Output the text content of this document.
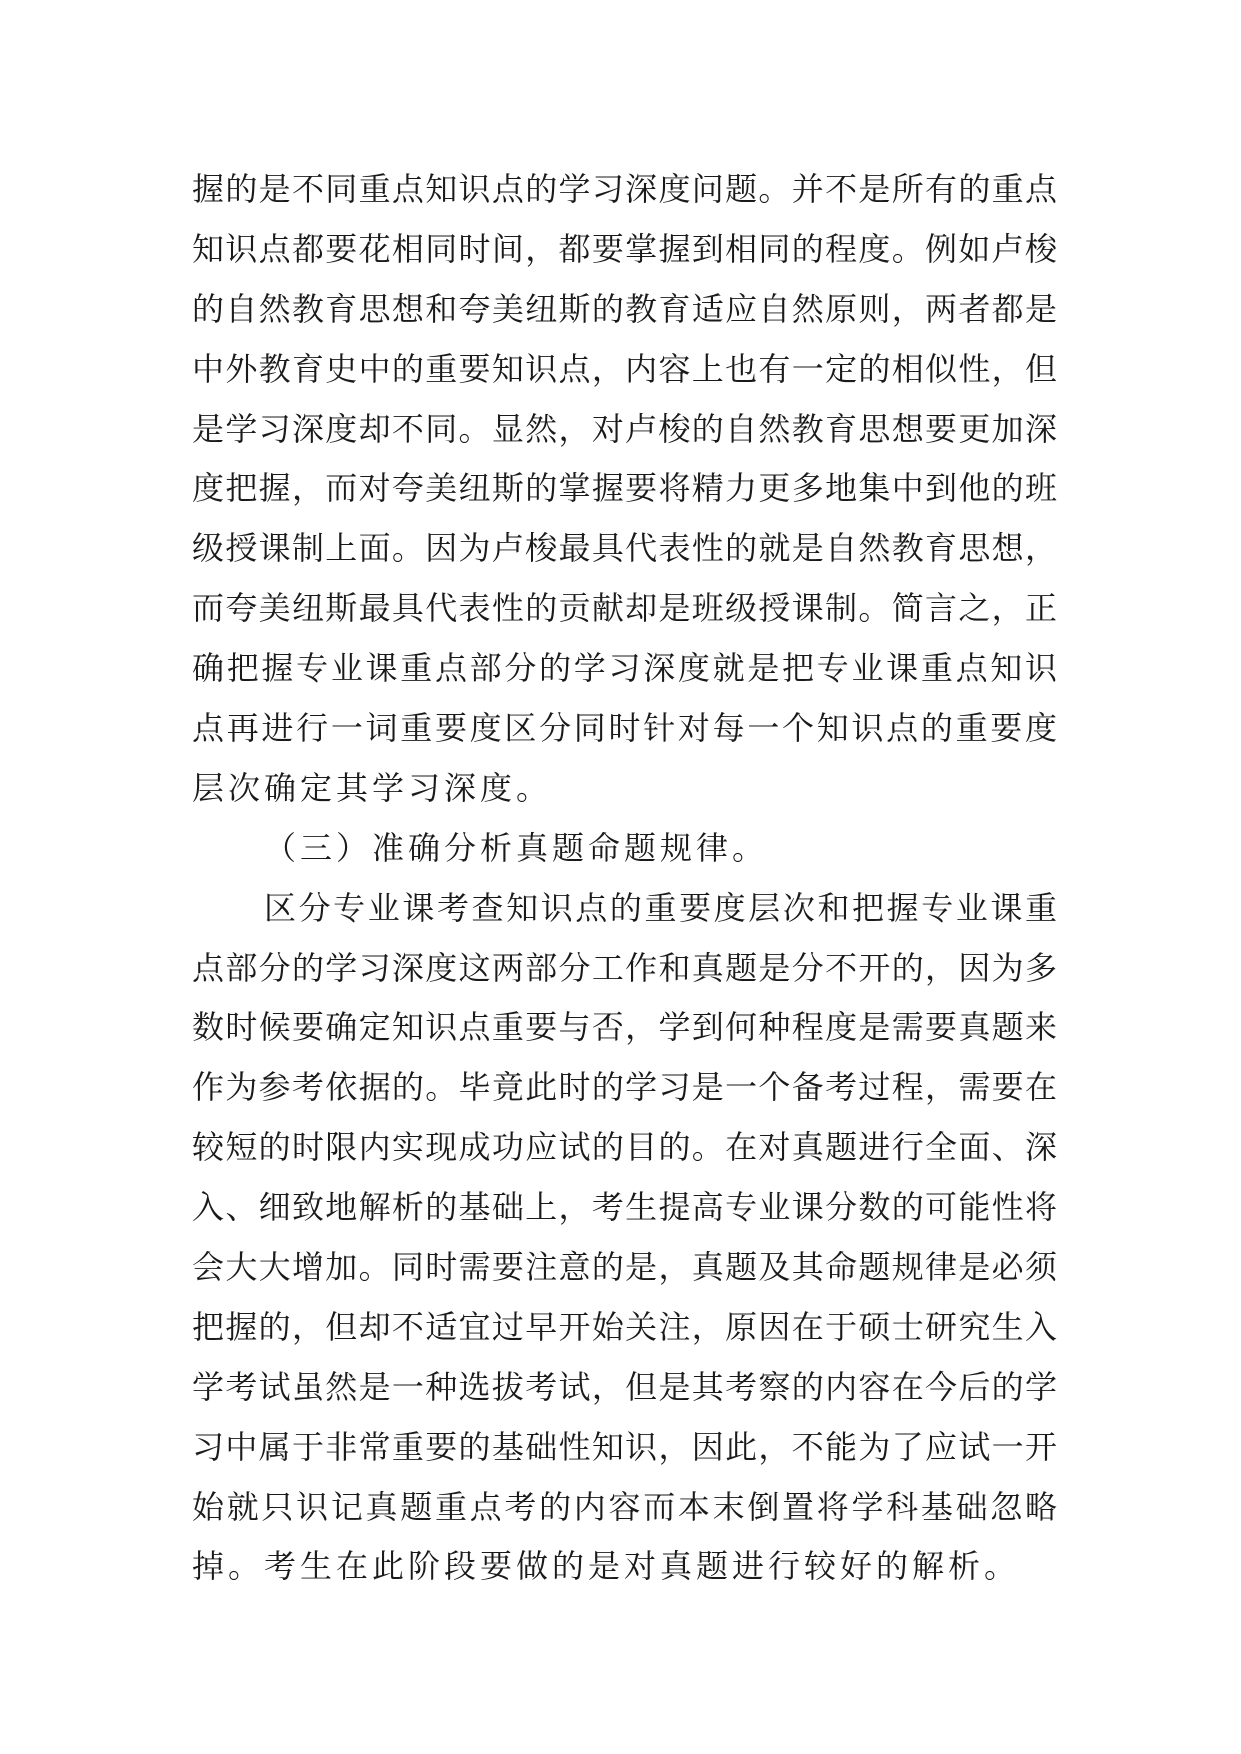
握的是不同重点知识点的学习深度问题。并不是所有的重点
知识点都要花相同时间，都要掌握到相同的程度。例如卢梭
的自然教育思想和夸美纽斯的教育适应自然原则，两者都是
中外教育史中的重要知识点，内容上也有一定的相似性，但
是学习深度却不同。显然，对卢梭的自然教育思想要更加深
度把握，而对夸美纽斯的掌握要将精力更多地集中到他的班
级授课制上面。因为卢梭最具代表性的就是自然教育思想，
而夸美纽斯最具代表性的贡献却是班级授课制。简言之，正
确把握专业课重点部分的学习深度就是把专业课重点知识
点再进行一词重要度区分同时针对每一个知识点的重要度
层次确定其学习深度。
（三）准确分析真题命题规律。
区分专业课考查知识点的重要度层次和把握专业课重
点部分的学习深度这两部分工作和真题是分不开的，因为多
数时候要确定知识点重要与否，学到何种程度是需要真题来
作为参考依据的。毕竟此时的学习是一个备考过程，需要在
较短的时限内实现成功应试的目的。在对真题进行全面、深
入、细致地解析的基础上，考生提高专业课分数的可能性将
会大大增加。同时需要注意的是，真题及其命题规律是必须
把握的，但却不适宜过早开始关注，原因在于硕士研究生入
学考试虽然是一种选拔考试，但是其考察的内容在今后的学
习中属于非常重要的基础性知识，因此，不能为了应试一开
始就只识记真题重点考的内容而本末倒置将学科基础忽略
掉。考生在此阶段要做的是对真题进行较好的解析。
